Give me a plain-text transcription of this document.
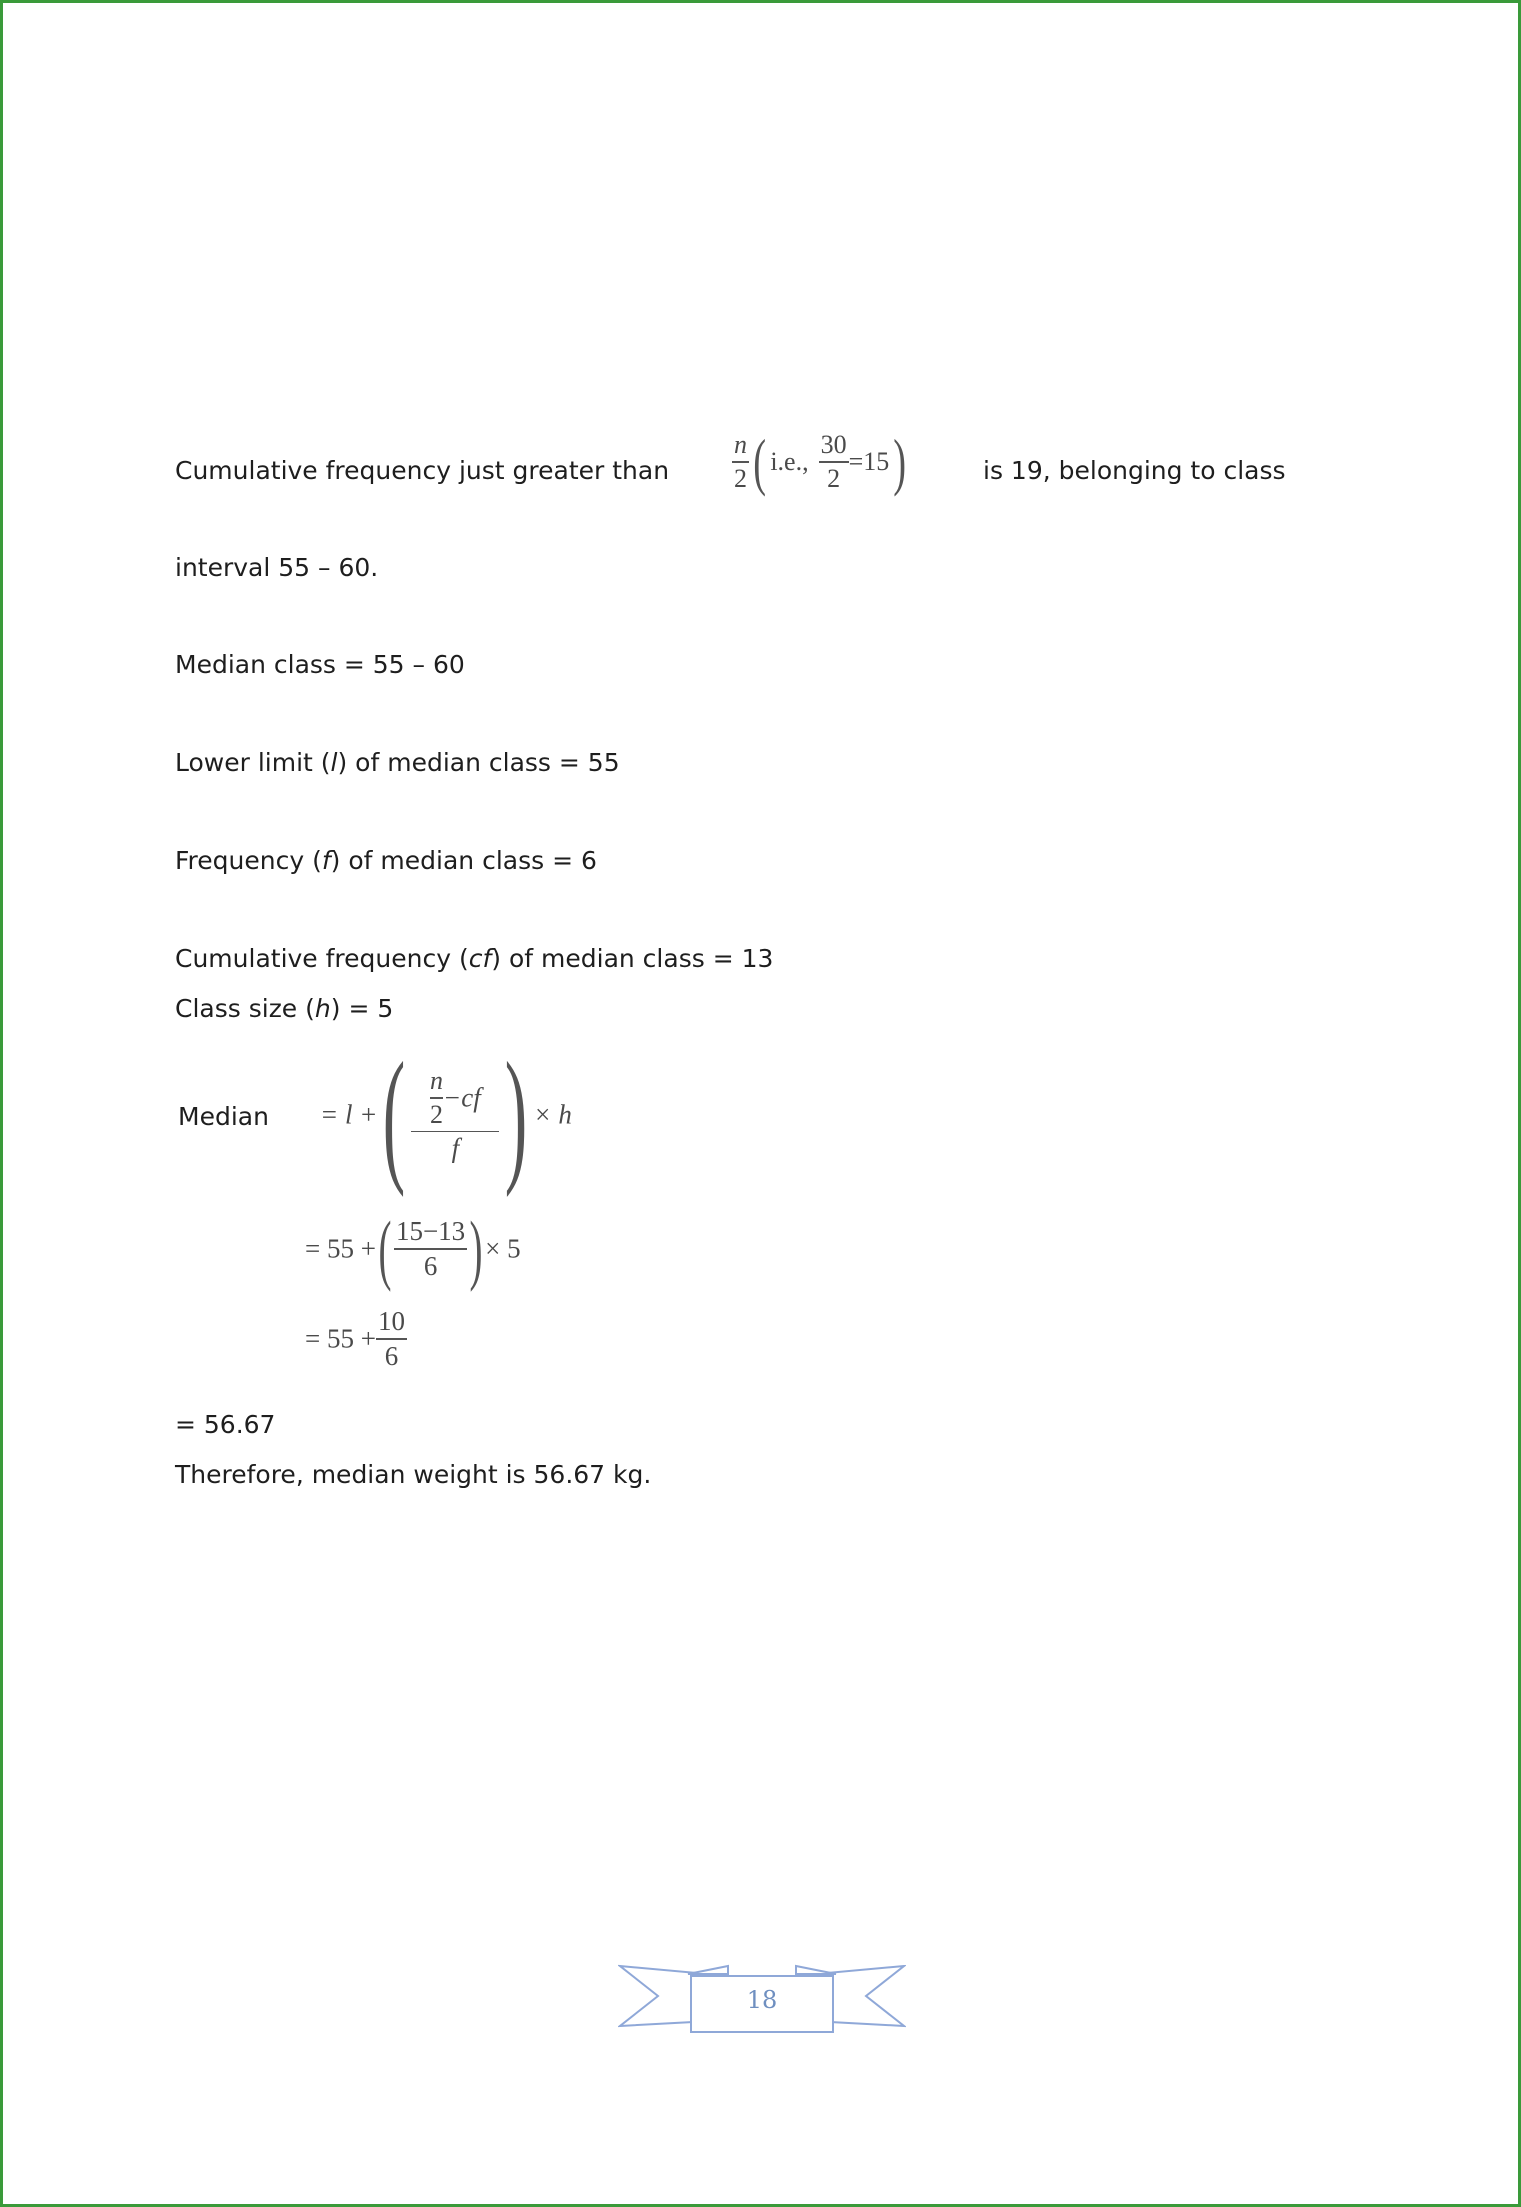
Cumulative frequency just greater than $\frac{n}{2}$ ( i.e., $\frac{30}{2} =15$)	is 19, belonging to class
interval 55 – 60.
Median class = 55 – 60
Lower limit (l) of median class = 55
Frequency (f) of median class = 6
Cumulative frequency (cf) of median class = 13
Class size (h) = 5
Median = l +( $\frac{\frac{n}{2} -cf}{f}$ ) × h
= 55 +( $\frac{15-13}{6}$ )× 5
= $55 + \frac{10}{6}$
= 56.67
Therefore, median weight is 56.67 kg.
18
